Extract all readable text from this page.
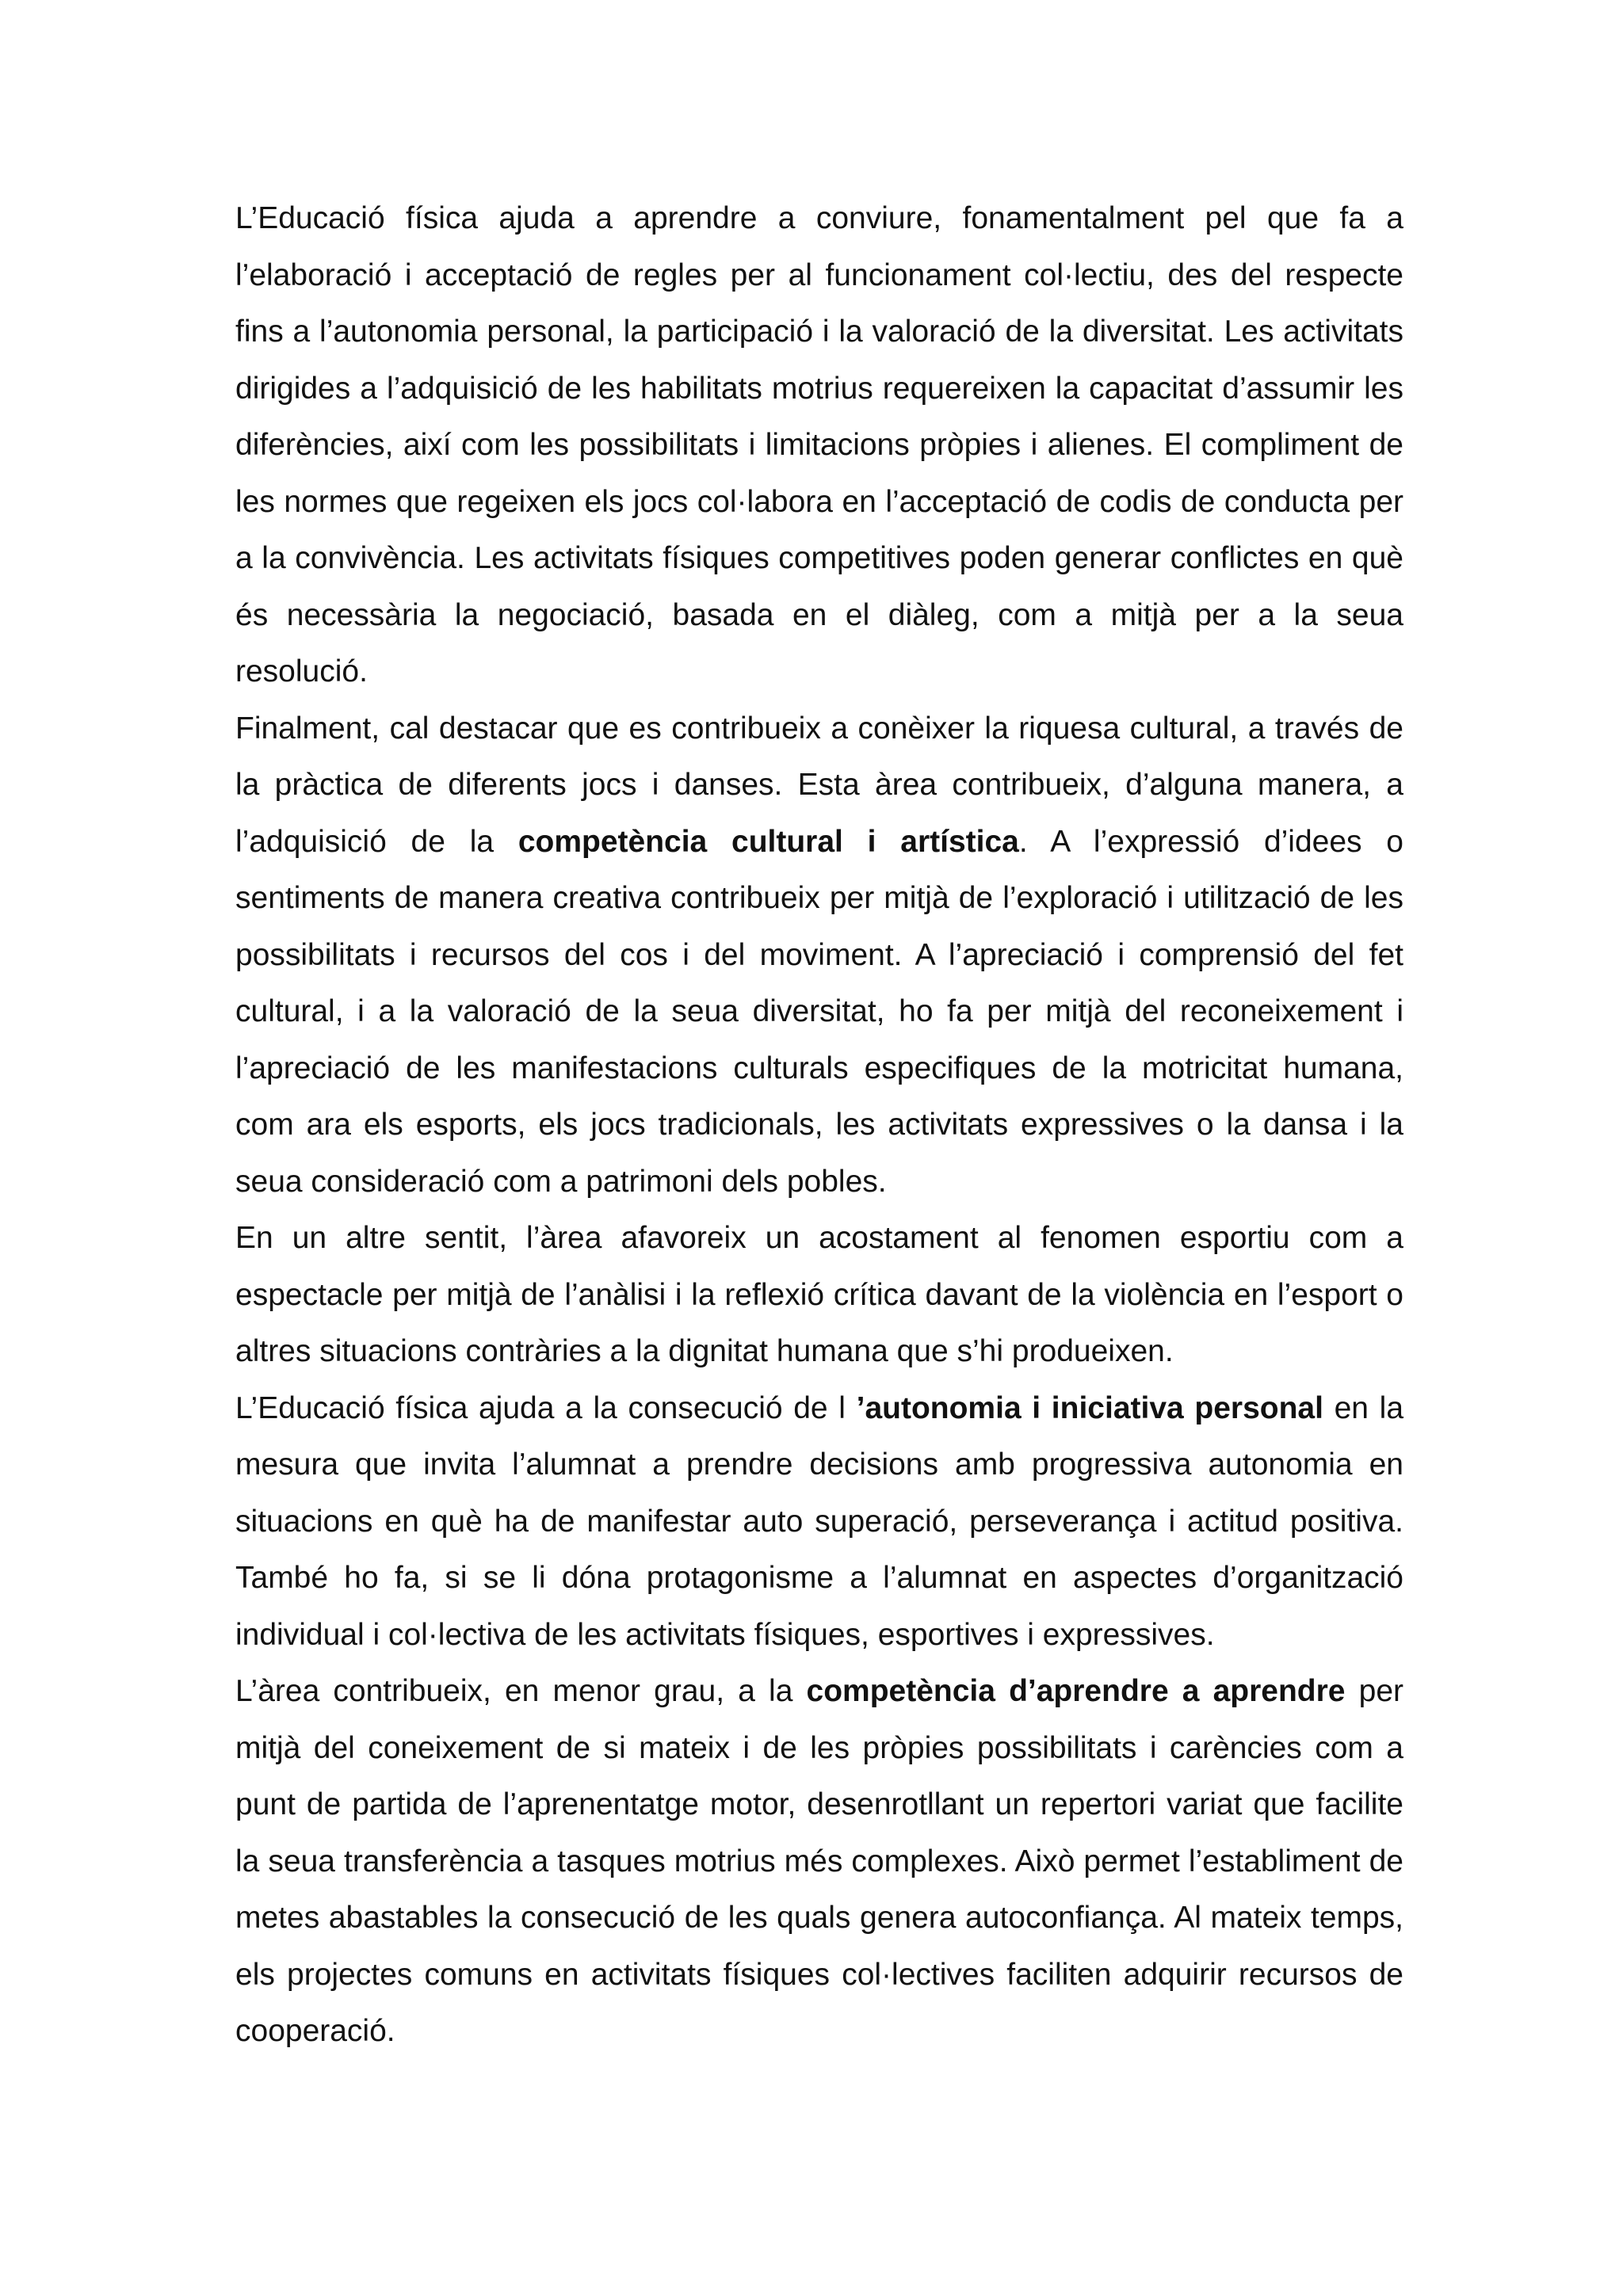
L’Educació física ajuda a aprendre a conviure, fonamentalment pel que fa a l’elaboració i acceptació de regles per al funcionament col·lectiu, des del respecte fins a l’autonomia personal, la participació i la valoració de la diversitat. Les activitats dirigides a l’adquisició de les habilitats motrius requereixen la capacitat d’assumir les diferències, així com les possibilitats i limitacions pròpies i alienes. El compliment de les normes que regeixen els jocs col·labora en l’acceptació de codis de conducta per a la convivència. Les activitats físiques competitives poden generar conflictes en què és necessària la negociació, basada en el diàleg, com a mitjà per a la seua resolució.

Finalment, cal destacar que es contribueix a conèixer la riquesa cultural, a través de la pràctica de diferents jocs i danses. Esta àrea contribueix, d’alguna manera, a l’adquisició de la competència cultural i artística. A l’expressió d’idees o sentiments de manera creativa contribueix per mitjà de l’exploració i utilització de les possibilitats i recursos del cos i del moviment. A l’apreciació i comprensió del fet cultural, i a la valoració de la seua diversitat, ho fa per mitjà del reconeixement i l’apreciació de les manifestacions culturals especifiques de la motricitat humana, com ara els esports, els jocs tradicionals, les activitats expressives o la dansa i la seua consideració com a patrimoni dels pobles.

En un altre sentit, l’àrea afavoreix un acostament al fenomen esportiu com a espectacle per mitjà de l’anàlisi i la reflexió crítica davant de la violència en l’esport o altres situacions contràries a la dignitat humana que s’hi produeixen.

L’Educació física ajuda a la consecució de l ’autonomia i iniciativa personal en la mesura que invita l’alumnat a prendre decisions amb progressiva autonomia en situacions en què ha de manifestar auto superació, perseverança i actitud positiva. També ho fa, si se li dóna protagonisme a l’alumnat en aspectes d’organització individual i col·lectiva de les activitats físiques, esportives i expressives.

L’àrea contribueix, en menor grau, a la competència d’aprendre a aprendre per mitjà del coneixement de si mateix i de les pròpies possibilitats i carències com a punt de partida de l’aprenentatge motor, desenrotllant un repertori variat que facilite la seua transferència a tasques motrius més complexes. Això permet l’establiment de metes abastables la consecució de les quals genera autoconfiança. Al mateix temps, els projectes comuns en activitats físiques col·lectives faciliten adquirir recursos de cooperació.
